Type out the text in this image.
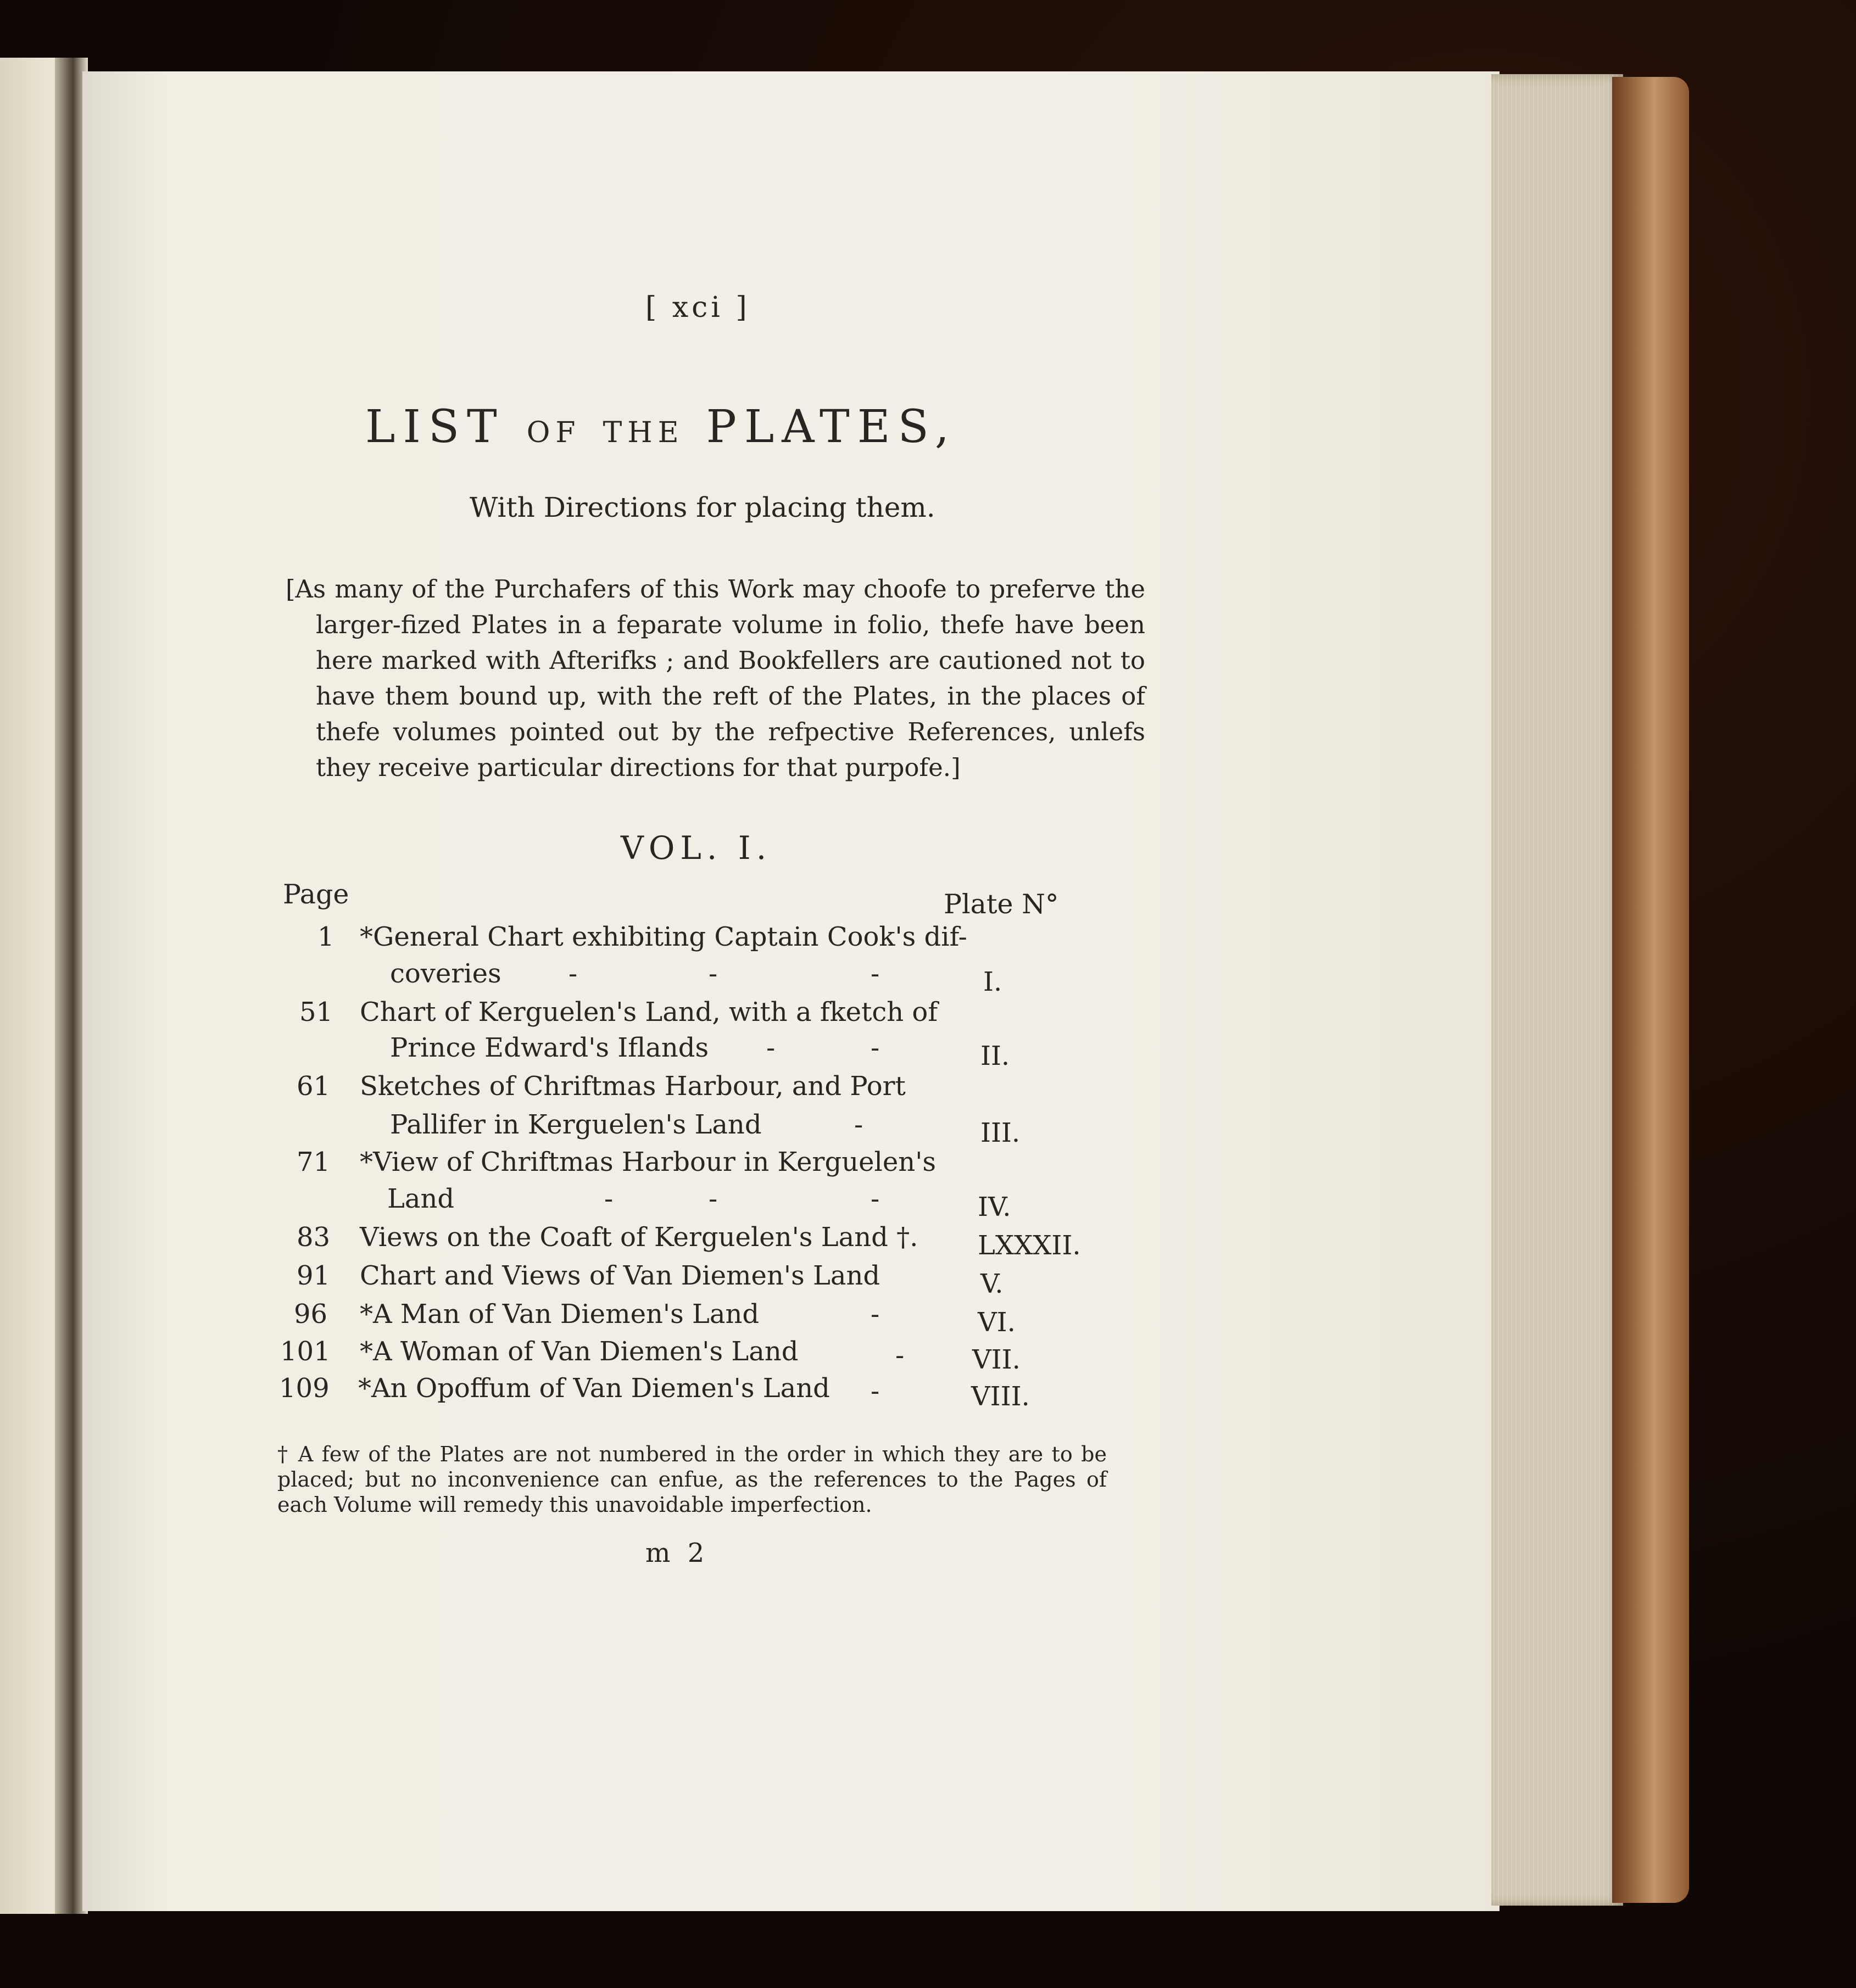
[ xci ]

LIST OF THE PLATES,

With Directions for placing them.

[As many of the Purchafers of this Work may choofe to preferve the larger-fized Plates in a feparate volume in folio, thefe have been here marked with Afterifks ; and Bookfellers are cautioned not to have them bound up, with the reft of the Plates, in the places of thefe volumes pointed out by the refpective References, unlefs they receive particular directions for that purpofe.]

VOL. I.

Page	Plate N°

1 *General Chart exhibiting Captain Cook's dif-

coveries	-	-	-	I.

51 Chart of Kerguelen's Land, with a fketch of

Prince Edward's Iflands -	-	II.

61 Sketches of Chriftmas Harbour, and Port

Pallifer in Kerguelen's Land	-	III.

71 *View of Chriftmas Harbour in Kerguelen's

Land	-	-	-	IV.

83 Views on the Coaft of Kerguelen's Land †. LXXXII.

91 Chart and Views of Van Diemen's Land	V.

96 *A Man of Van Diemen's Land	-	VI.

101 *A Woman of Van Diemen's Land	-	VII.

109 *An Opoffum of Van Diemen's Land -	VIII.

† A few of the Plates are not numbered in the order in which they are to be placed; but no inconvenience can enfue, as the references to the Pages of each Volume will remedy this unavoidable imperfection.

m 2
